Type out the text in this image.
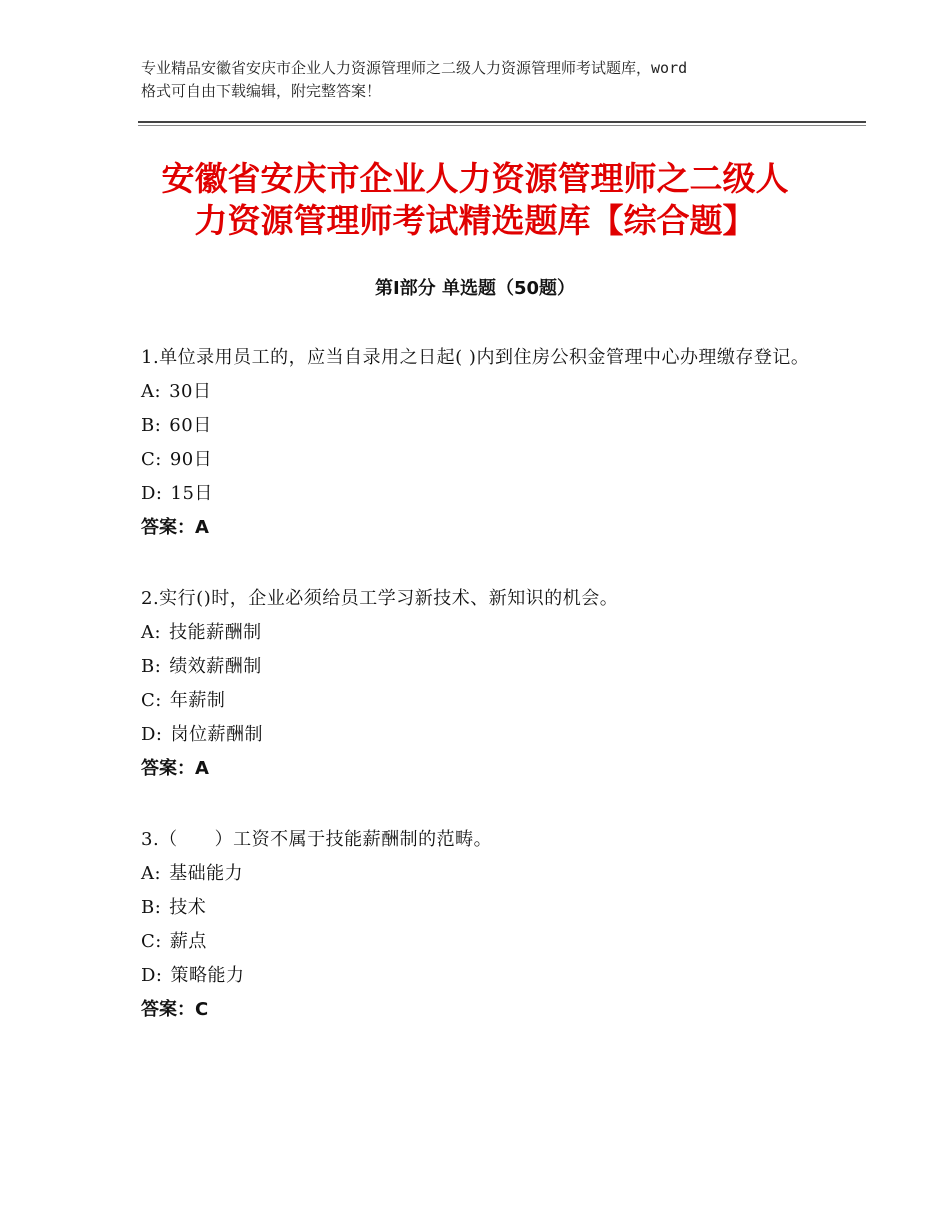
专业精品安徽省安庆市企业人力资源管理师之二级人力资源管理师考试题库，word
格式可自由下载编辑，附完整答案！
安徽省安庆市企业人力资源管理师之二级人
力资源管理师考试精选题库【综合题】
第Ⅰ部分 单选题（50题）

1.单位录用员工的，应当自录用之日起( )内到住房公积金管理中心办理缴存登记。

A: 30日
B: 60日
C: 90日
D: 15日
答案：A

2.实行()时，企业必须给员工学习新技术、新知识的机会。

A: 技能薪酬制
B: 绩效薪酬制
C: 年薪制
D: 岗位薪酬制
答案：A

3.（　　）工资不属于技能薪酬制的范畴。

A: 基础能力
B: 技术
C: 薪点
D: 策略能力
答案：C
